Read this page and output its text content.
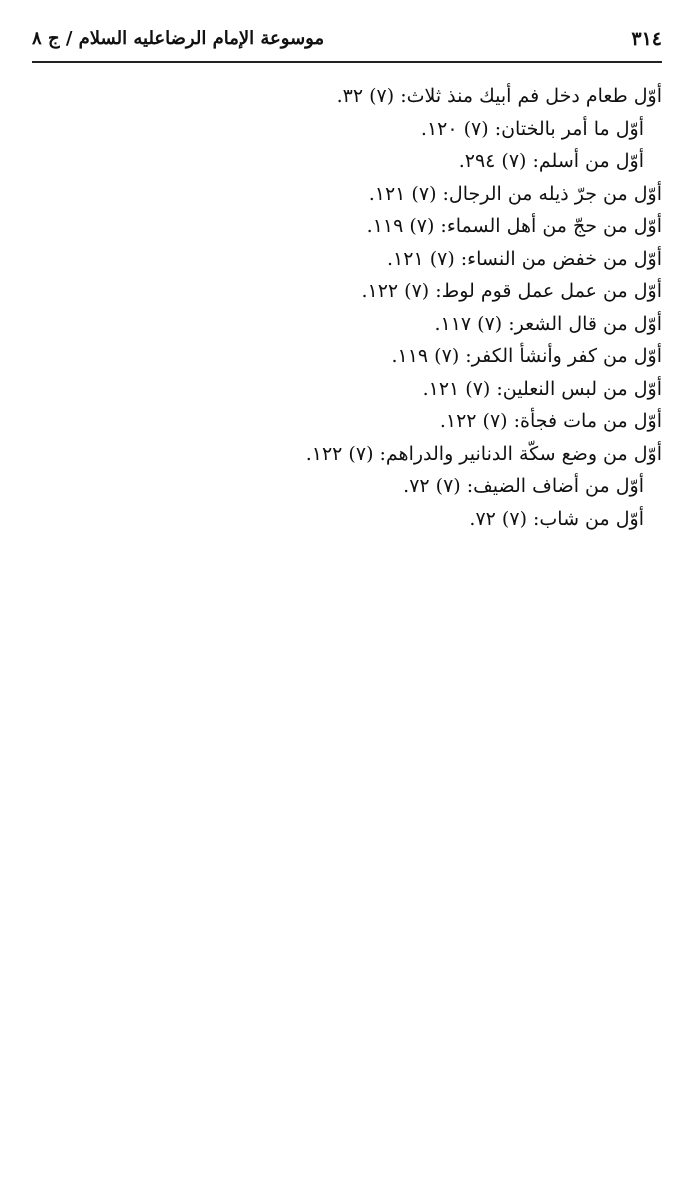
٣١٤
موسوعة الإمام الرضاعليه السلام / ج ٨
أوّل طعام دخل فم أبيك منذ ثلاث: (٧) ٣٢.
أوّل ما أمر بالختان: (٧) ١٢٠.
أوّل من أسلم: (٧) ٢٩٤.
أوّل من جرّ ذيله من الرجال: (٧) ١٢١.
أوّل من حجّ من أهل السماء: (٧) ١١٩.
أوّل من خفض من النساء: (٧) ١٢١.
أوّل من عمل عمل قوم لوط: (٧) ١٢٢.
أوّل من قال الشعر: (٧) ١١٧.
أوّل من كفر وأنشأ الكفر: (٧) ١١٩.
أوّل من لبس النعلين: (٧) ١٢١.
أوّل من مات فجأة: (٧) ١٢٢.
أوّل من وضع سكّة الدنانير والدراهم: (٧) ١٢٢.
أوّل من أضاف الضيف: (٧) ٧٢.
أوّل من شاب: (٧) ٧٢.
